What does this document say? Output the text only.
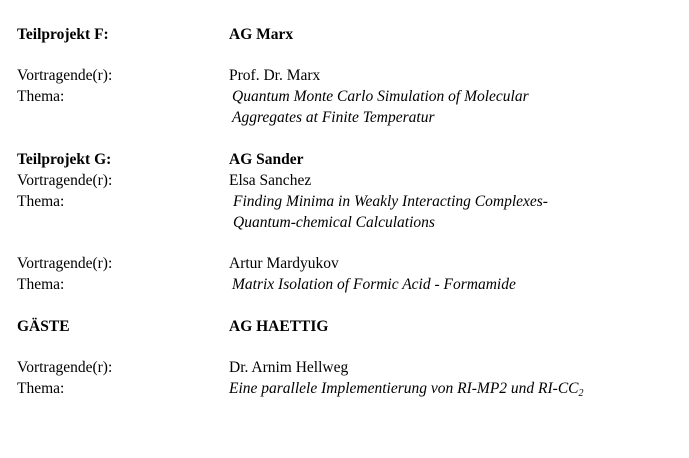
Teilprojekt F:	AG Marx
Vortragende(r):	Prof. Dr. Marx
Thema:	Quantum Monte Carlo Simulation of Molecular
Aggregates at Finite Temperatur
Teilprojekt G:	AG Sander
Vortragende(r):	Elsa Sanchez
Thema:	Finding Minima in Weakly Interacting Complexes-
Quantum-chemical Calculations
Vortragende(r):	Artur Mardyukov
Thema:	Matrix Isolation of Formic Acid - Formamide
GÄSTE	AG HAETTIG
Vortragende(r):	Dr. Arnim Hellweg
Thema:	Eine parallele Implementierung von RI-MP2 und $RI-CC_2$
